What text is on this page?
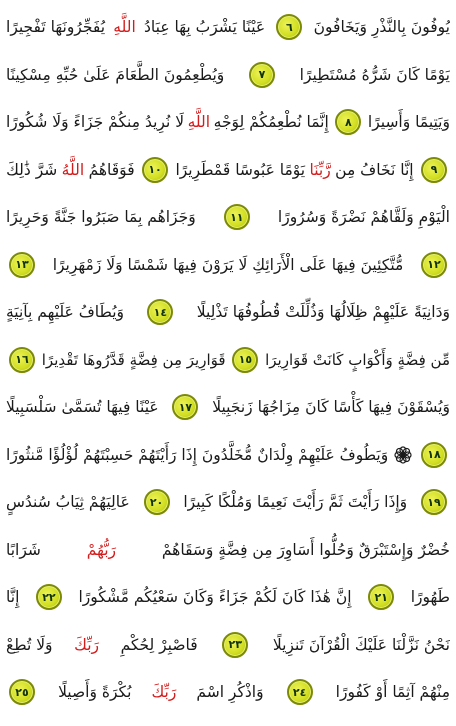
يُوفُونَ بِالنَّذْرِ وَيَخَافُونَ
٦
عَيْنًا يَشْرَبُ بِهَا عِبَادُ
اللَّهِ
يُفَجِّرُونَهَا تَفْجِيرًا
يَوْمًا كَانَ شَرُّهُ مُسْتَطِيرًا
٧
وَيُطْعِمُونَ الطَّعَامَ عَلَىٰ حُبِّهِ مِسْكِينًا
وَيَتِيمًا وَأَسِيرًا
٨
إِنَّمَا نُطْعِمُكُمْ لِوَجْهِ
اللَّهِ
لَا نُرِيدُ مِنكُمْ جَزَاءً وَلَا شُكُورًا
٩
إِنَّا نَخَافُ مِن
رَّبِّنَا
يَوْمًا عَبُوسًا قَمْطَرِيرًا
١٠
فَوَقَاهُمُ
اللَّهُ
شَرَّ ذَٰلِكَ
الْيَوْمِ وَلَقَّاهُمْ نَضْرَةً وَسُرُورًا
١١
وَجَزَاهُم بِمَا صَبَرُوا جَنَّةً وَحَرِيرًا
١٢
مُّتَّكِئِينَ فِيهَا عَلَى الْأَرَائِكِ لَا يَرَوْنَ فِيهَا شَمْسًا وَلَا زَمْهَرِيرًا
١٣
وَدَانِيَةً عَلَيْهِمْ ظِلَالُهَا وَذُلِّلَتْ قُطُوفُهَا تَذْلِيلًا
١٤
وَيُطَافُ عَلَيْهِم بِآنِيَةٍ
مِّن فِضَّةٍ وَأَكْوَابٍ كَانَتْ قَوَارِيرَا
١٥
قَوَارِيرَ مِن فِضَّةٍ قَدَّرُوهَا تَقْدِيرًا
١٦
وَيُسْقَوْنَ فِيهَا كَأْسًا كَانَ مِزَاجُهَا زَنجَبِيلًا
١٧
عَيْنًا فِيهَا تُسَمَّىٰ سَلْسَبِيلًا
١٨
وَيَطُوفُ عَلَيْهِمْ وِلْدَانٌ مُّخَلَّدُونَ إِذَا رَأَيْتَهُمْ حَسِبْتَهُمْ لُؤْلُؤًا مَّنثُورًا
١٩
وَإِذَا رَأَيْتَ ثَمَّ رَأَيْتَ نَعِيمًا وَمُلْكًا كَبِيرًا
٢٠
عَالِيَهُمْ ثِيَابُ سُندُسٍ
خُضْرٌ وَإِسْتَبْرَقٌ وَحُلُّوا أَسَاوِرَ مِن فِضَّةٍ وَسَقَاهُمْ
رَبُّهُمْ
شَرَابًا
طَهُورًا
٢١
إِنَّ هَٰذَا كَانَ لَكُمْ جَزَاءً وَكَانَ سَعْيُكُم مَّشْكُورًا
٢٢
إِنَّا
نَحْنُ نَزَّلْنَا عَلَيْكَ الْقُرْآنَ تَنزِيلًا
٢٣
فَاصْبِرْ لِحُكْمِ
رَبِّكَ
وَلَا تُطِعْ
مِنْهُمْ آثِمًا أَوْ كَفُورًا
٢٤
وَاذْكُرِ اسْمَ
رَبِّكَ
بُكْرَةً وَأَصِيلًا
٢٥
